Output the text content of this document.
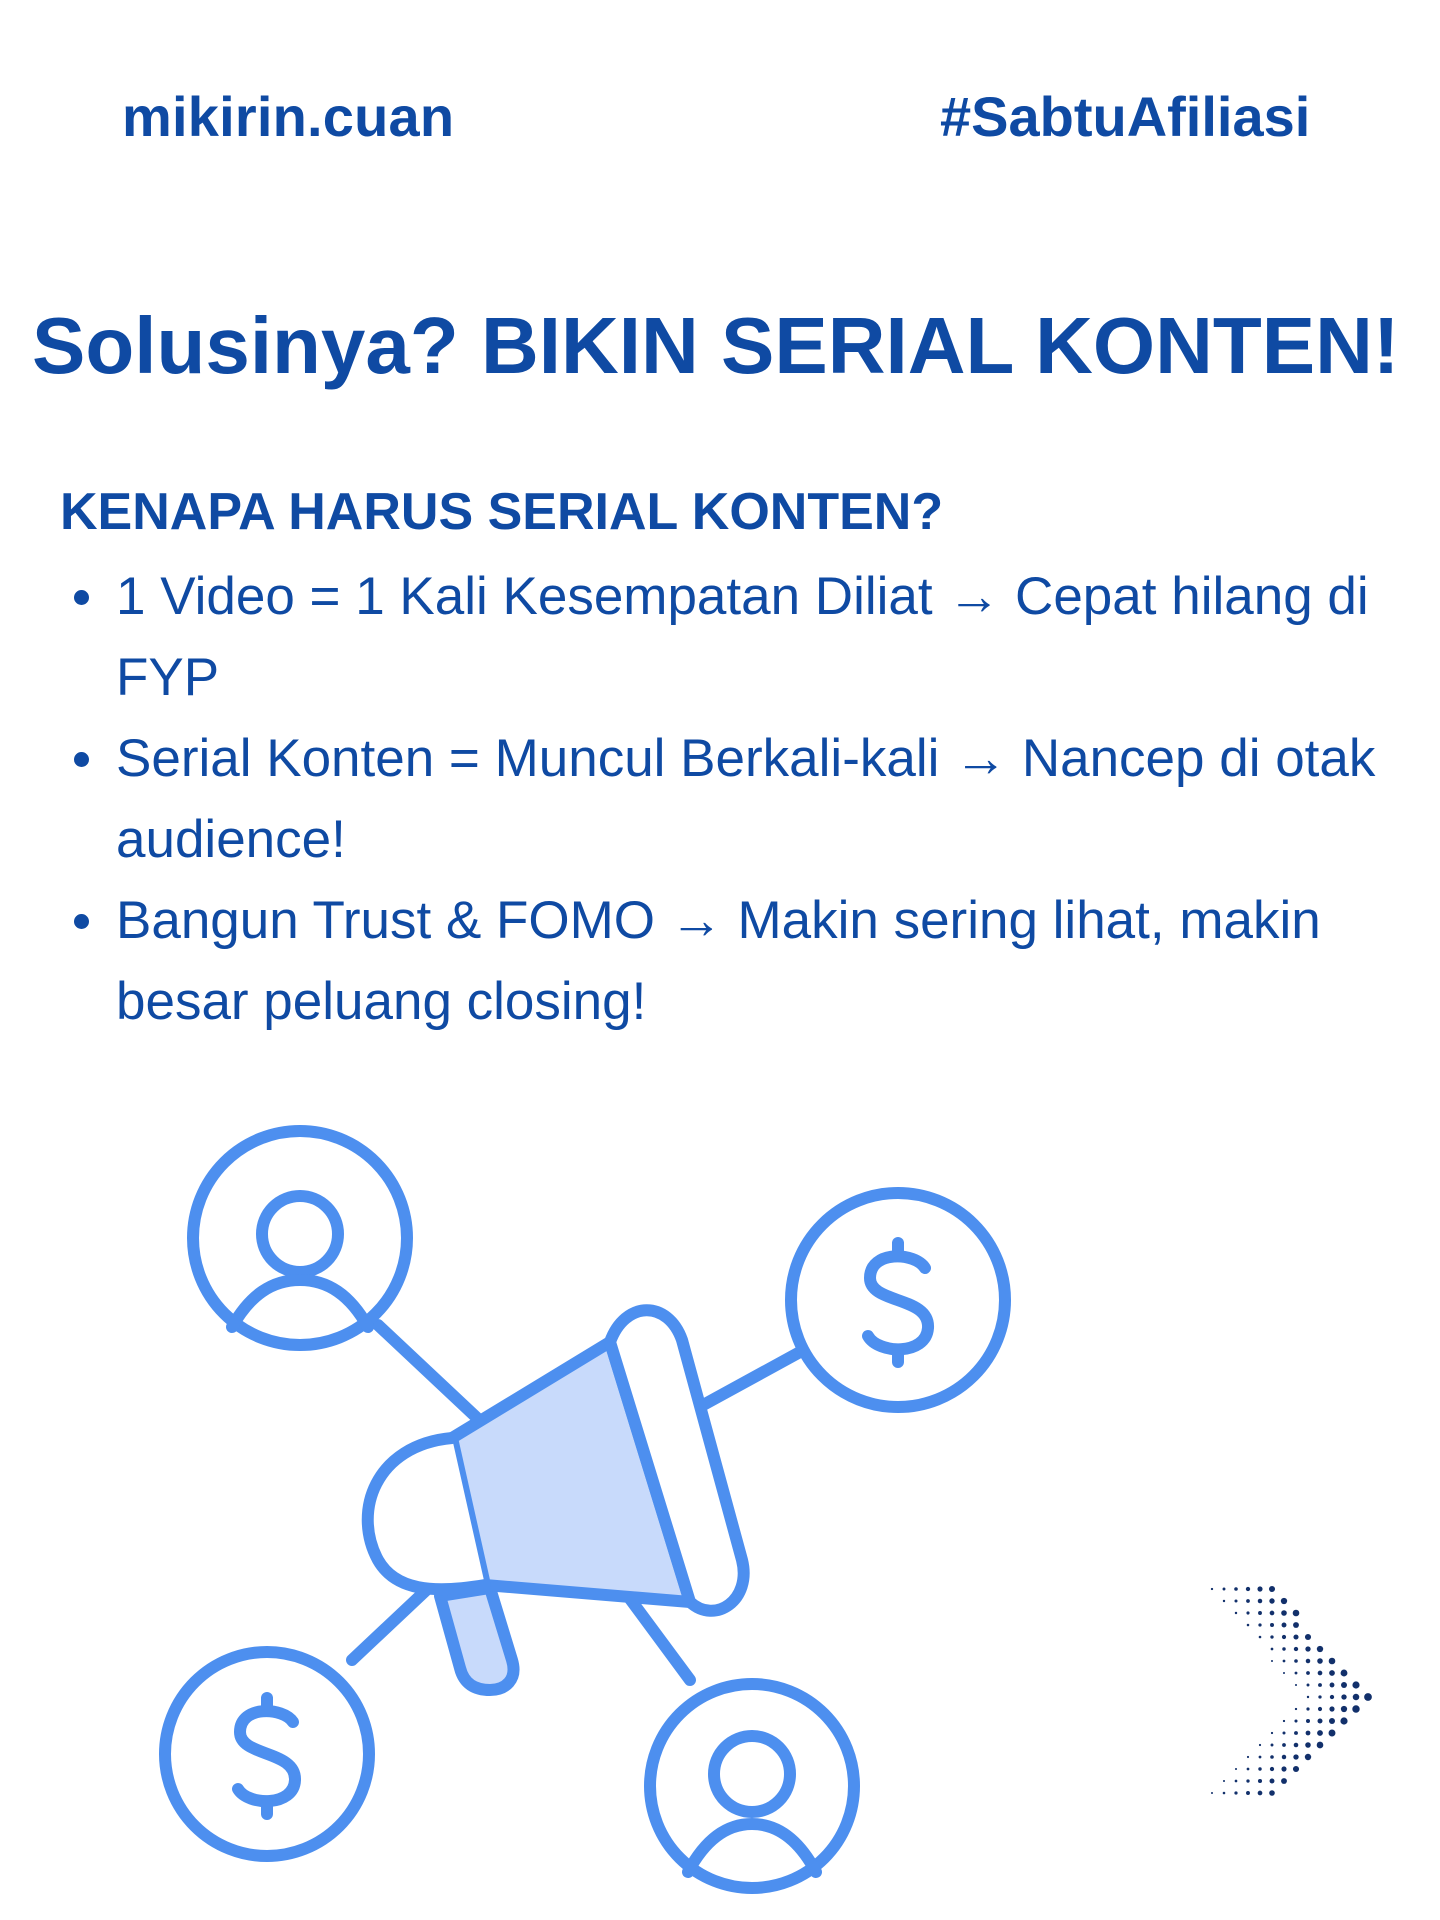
mikirin.cuan	#SabtuAfiliasi
Solusinya? BIKIN SERIAL KONTEN!
KENAPA HARUS SERIAL KONTEN?
1 Video = 1 Kali Kesempatan Diliat → Cepat hilang di FYP
Serial Konten = Muncul Berkali-kali → Nancep di otak audience!
Bangun Trust & FOMO → Makin sering lihat, makin besar peluang closing!
